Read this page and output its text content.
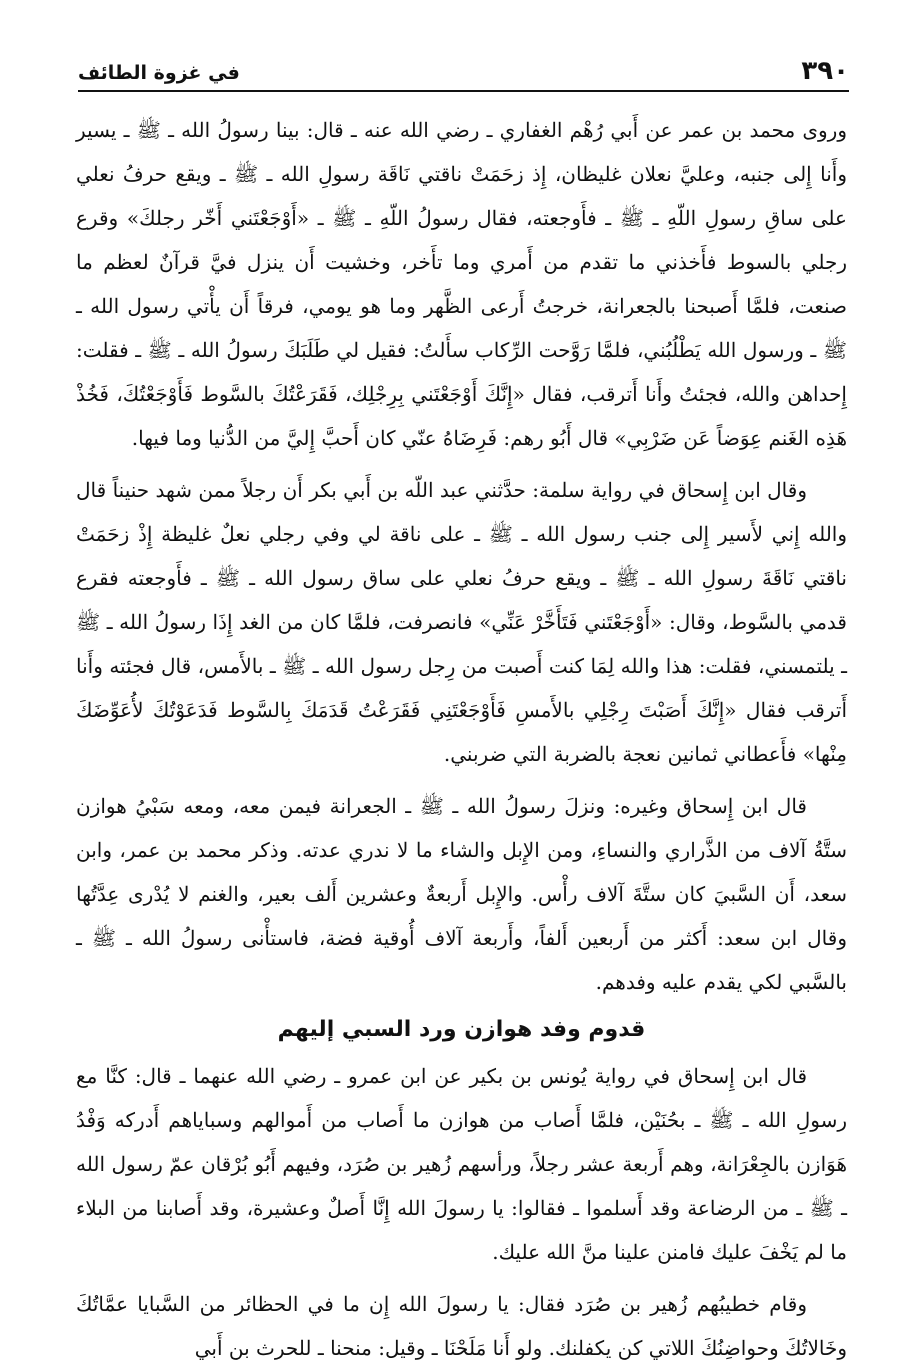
٣٩٠
في غزوة الطائف

وروى محمد بن عمر عن أَبي رُهْم الغفاري ـ رضي الله عنه ـ قال: بينا رسولُ الله ـ ﷺ ـ يسير وأَنا إِلى جنبه، وعليَّ نعلان غليظان، إِذ زحَمَتْ ناقتي نَاقَة رسولِ الله ـ ﷺ ـ ويقع حرفُ نعلي على ساقِ رسولِ اللّهِ ـ ﷺ ـ فأَوجعته، فقال رسولُ اللّهِ ـ ﷺ ـ «أَوْجَعْتَني أَخّر رجلكَ» وقرع رجلي بالسوط فأَخذني ما تقدم من أَمري وما تأَخر، وخشيت أَن ينزل فيَّ قرآنٌ لعظم ما صنعت، فلمَّا أَصبحنا بالجعرانة، خرجتُ أَرعى الظَّهر وما هو يومي، فرقاً أَن يأْتي رسول الله ـ ﷺ ـ ورسول الله يَطْلُبُني، فلمَّا رَوَّحت الرِّكاب سأَلتُ: فقيل لي طَلَبَكَ رسولُ الله ـ ﷺ ـ فقلت: إِحداهن والله، فجئتُ وأَنا أَترقب، فقال «إِنَّكَ أَوْجَعْتَني بِرِجْلِك، فَقَرَعْتُكَ بالسَّوط فَأَوْجَعْتُكَ، فَخُذْ هَذِه الغَنم عِوَضاً عَن ضَرْبِي» قال أَبُو رهم: فَرِضَاهُ عنّي كان أَحبَّ إِليَّ من الدُّنيا وما فيها.

وقال ابن إِسحاق في رواية سلمة: حدَّثني عبد اللّه بن أَبي بكر أَن رجلاً ممن شهد حنيناً قال والله إِني لأَسير إِلى جنب رسول الله ـ ﷺ ـ على ناقة لي وفي رجلي نعلٌ غليظة إِذْ زحَمَتْ ناقتي نَاقَةَ رسولِ الله ـ ﷺ ـ ويقع حرفُ نعلي على ساق رسول الله ـ ﷺ ـ فأَوجعته فقرع قدمي بالسَّوط، وقال: «أَوْجَعْتَني فَتَأَخَّرْ عَنِّي» فانصرفت، فلمَّا كان من الغد إِذَا رسولُ الله ـ ﷺ ـ يلتمسني، فقلت: هذا والله لِمَا كنت أَصبت من رِجل رسول الله ـ ﷺ ـ بالأَمس، قال فجئته وأَنا أَترقب فقال «إِنَّكَ أَصَبْتَ رِجْلِي بالأَمسِ فَأَوْجَعْتَنِي فَقَرَعْتُ قَدَمَكَ بِالسَّوط فَدَعَوْتُكَ لأُعَوِّضَكَ مِنْها» فأَعطاني ثمانين نعجة بالضربة التي ضربني.

قال ابن إِسحاق وغيره: ونزلَ رسولُ الله ـ ﷺ ـ الجعرانة فيمن معه، ومعه سَبْيُ هوازن ستَّةُ آلاف من الذَّراري والنساءِ، ومن الإِبل والشاء ما لا ندري عدته. وذكر محمد بن عمر، وابن سعد، أَن السَّبيَ كان ستَّةَ آلاف رأْس. والإِبل أَربعةٌ وعشرين أَلف بعير، والغنم لا يُدْرى عِدَّتُها وقال ابن سعد: أَكثر من أَربعين أَلفاً، وأَربعة آلاف أُوقية فضة، فاستأْنى رسولُ الله ـ ﷺ ـ بالسَّبي لكي يقدم عليه وفدهم.

قدوم وفد هوازن ورد السبي إليهم

قال ابن إِسحاق في رواية يُونس بن بكير عن ابن عمرو ـ رضي الله عنهما ـ قال: كنَّا مع رسولِ الله ـ ﷺ ـ بحُنَيْن، فلمَّا أَصاب من هوازن ما أَصاب من أَموالهم وسباياهم أَدركه وَفْدُ هَوَازن بالجِعْرَانة، وهم أَربعة عشر رجلاً، ورأسهم زُهير بن صُرَد، وفيهم أَبُو بُرْقان عمّ رسول الله ـ ﷺ ـ من الرضاعة وقد أَسلموا ـ فقالوا: يا رسولَ الله إِنَّا أَصلٌ وعشيرة، وقد أَصابنا من البلاء ما لم يَخْفَ عليك فامنن علينا منَّ الله عليك.

وقام خطيبُهم زُهير بن صُرَد فقال: يا رسولَ الله إِن ما في الحظائر من السَّبايا عمَّاتُكَ وخَالاتُكَ وحواضِنُكَ اللاتي كن يكفلنك. ولو أَنا مَلَحْنَا ـ وقيل: منحنا ـ للحرث بن أَبي
